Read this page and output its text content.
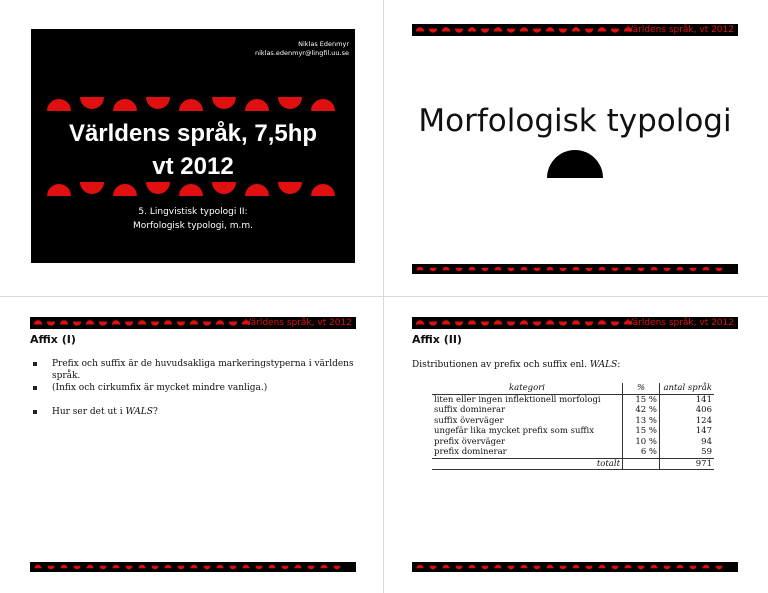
Niklas Edenmyr
niklas.edenmyr@lingfil.uu.se
Världens språk, 7,5hp
vt 2012
5. Lingvistisk typologi II:
Morfologisk typologi, m.m.
Världens språk, vt 2012
Morfologisk typologi
Världens språk, vt 2012
Affix (I)
Prefix och suffix är de huvudsakliga markeringstyperna i världens språk.
(Infix och cirkumfix är mycket mindre vanliga.)
Hur ser det ut i WALS?
Världens språk, vt 2012
Affix (II)
Distributionen av prefix och suffix enl. WALS:
kategori	%	antal språk
liten eller ingen inflektionell morfologi	15 %	141
suffix dominerar	42 %	406
suffix överväger	13 %	124
ungefär lika mycket prefix som suffix	15 %	147
prefix överväger	10 %	94
prefix dominerar	6 %	59
totalt		971
